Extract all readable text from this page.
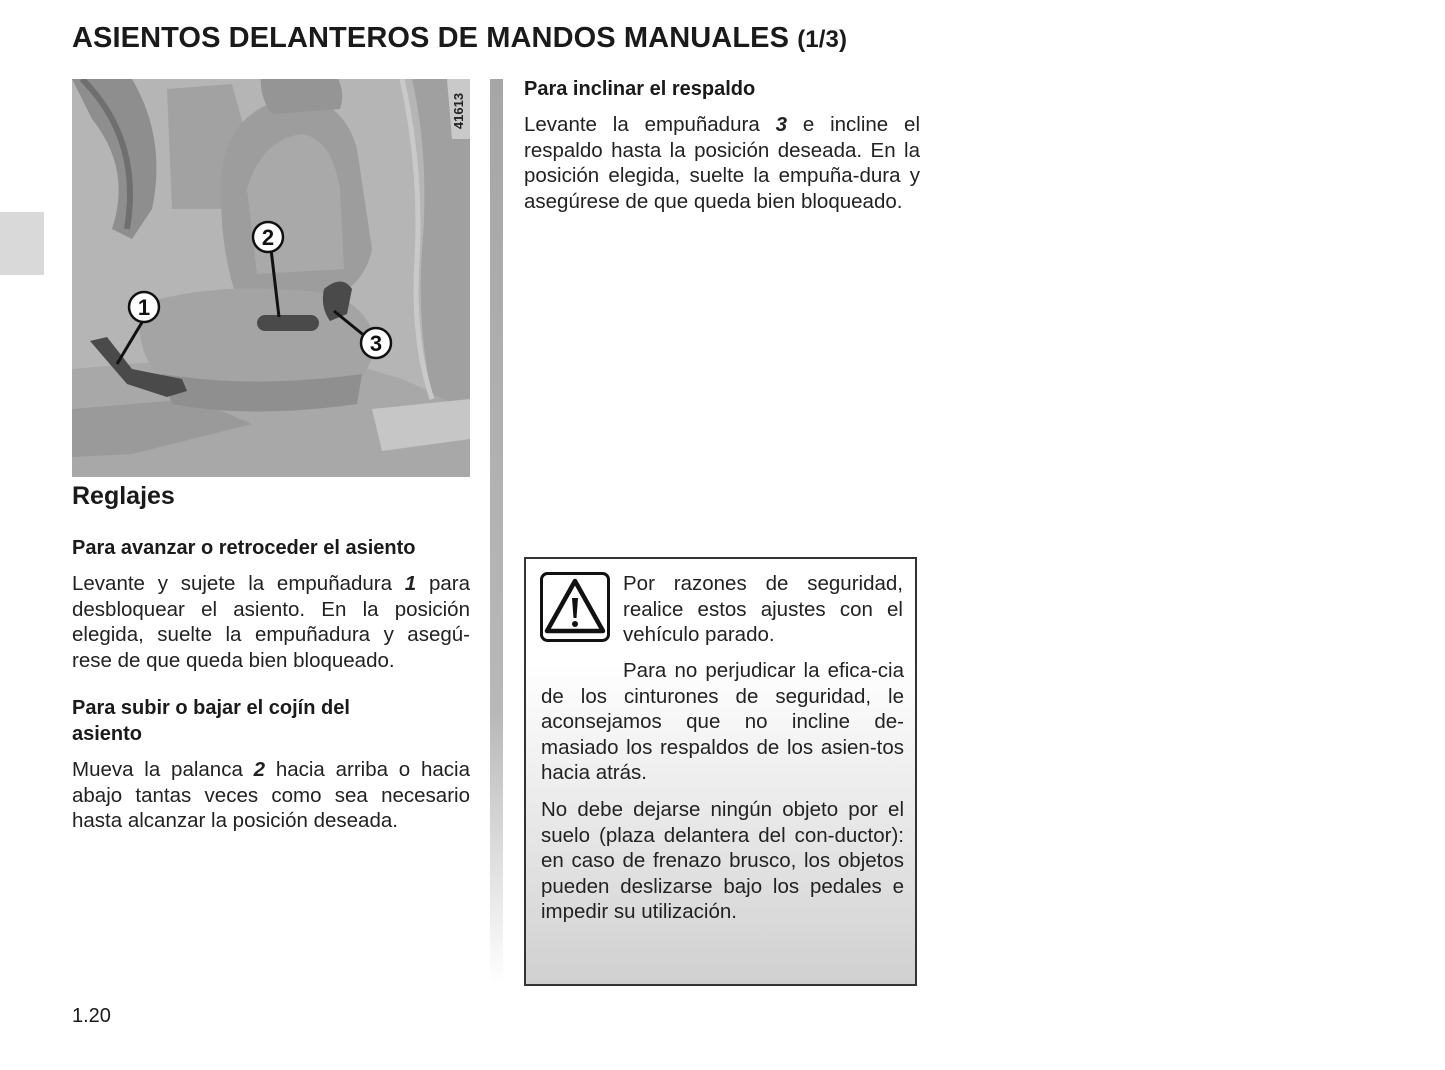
ASIENTOS DELANTEROS DE MANDOS MANUALES (1/3)
1
2
3
41613
Reglajes
Para avanzar o retroceder el asiento

Levante y sujete la empuñadura 1 para desbloquear el asiento. En la posición elegida, suelte la empuñadura y asegú-rese de que queda bien bloqueado.

Para subir o bajar el cojín del asiento

Mueva la palanca 2 hacia arriba o hacia abajo tantas veces como sea necesario hasta alcanzar la posición deseada.

Para inclinar el respaldo

Levante la empuñadura 3 e incline el respaldo hasta la posición deseada. En la posición elegida, suelte la empuña-dura y asegúrese de que queda bien bloqueado.

Por razones de seguridad, realice estos ajustes con el vehículo parado.

Para no perjudicar la efica-cia de los cinturones de seguridad, le aconsejamos que no incline de-masiado los respaldos de los asien-tos hacia atrás.

No debe dejarse ningún objeto por el suelo (plaza delantera del con-ductor): en caso de frenazo brusco, los objetos pueden deslizarse bajo los pedales e impedir su utilización.

1.20
